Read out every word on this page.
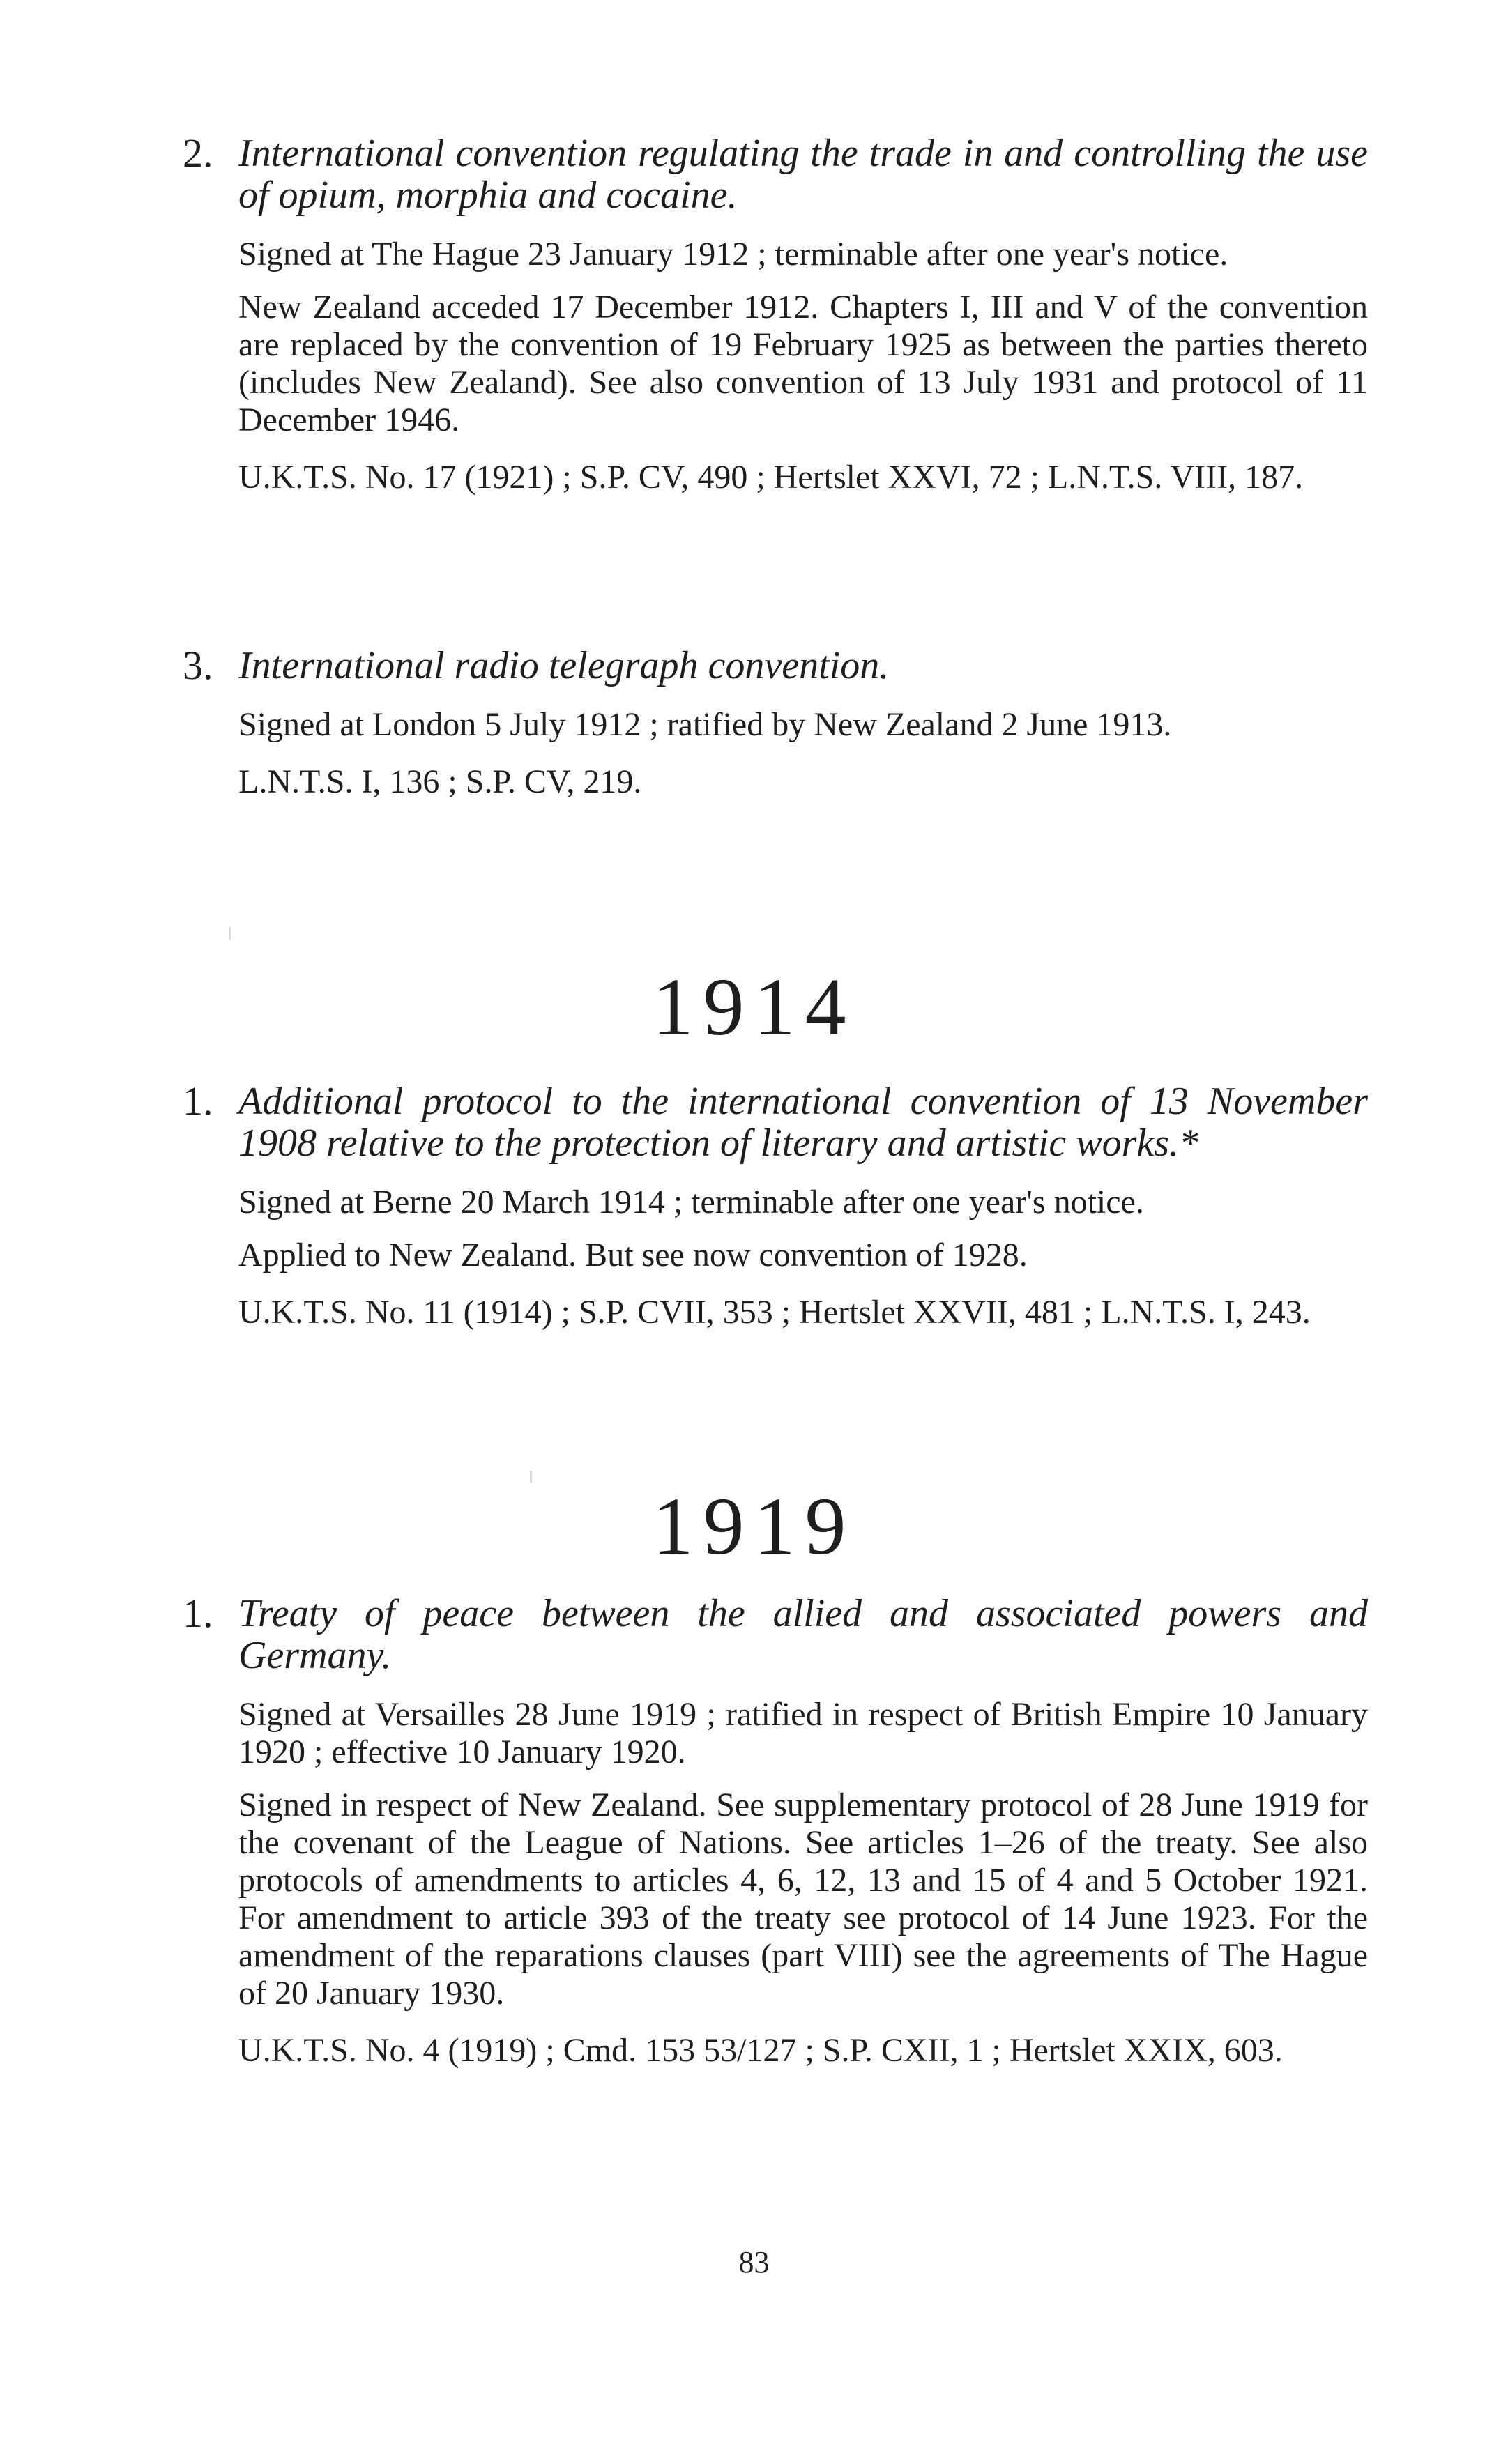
2. International convention regulating the trade in and controlling the use of opium, morphia and cocaine.

Signed at The Hague 23 January 1912 ; terminable after one year's notice.

New Zealand acceded 17 December 1912. Chapters I, III and V of the convention are replaced by the convention of 19 February 1925 as between the parties thereto (includes New Zealand). See also convention of 13 July 1931 and protocol of 11 December 1946.

U.K.T.S. No. 17 (1921) ; S.P. CV, 490 ; Hertslet XXVI, 72 ; L.N.T.S. VIII, 187.

3. International radio telegraph convention.

Signed at London 5 July 1912 ; ratified by New Zealand 2 June 1913.

L.N.T.S. I, 136 ; S.P. CV, 219.

1914

1. Additional protocol to the international convention of 13 November 1908 relative to the protection of literary and artistic works.*

Signed at Berne 20 March 1914 ; terminable after one year's notice.

Applied to New Zealand. But see now convention of 1928.

U.K.T.S. No. 11 (1914) ; S.P. CVII, 353 ; Hertslet XXVII, 481 ; L.N.T.S. I, 243.

1919

1. Treaty of peace between the allied and associated powers and Germany.

Signed at Versailles 28 June 1919 ; ratified in respect of British Empire 10 January 1920 ; effective 10 January 1920.

Signed in respect of New Zealand. See supplementary protocol of 28 June 1919 for the covenant of the League of Nations. See articles 1–26 of the treaty. See also protocols of amendments to articles 4, 6, 12, 13 and 15 of 4 and 5 October 1921. For amendment to article 393 of the treaty see protocol of 14 June 1923. For the amendment of the reparations clauses (part VIII) see the agreements of The Hague of 20 January 1930.

U.K.T.S. No. 4 (1919) ; Cmd. 153 53/127 ; S.P. CXII, 1 ; Hertslet XXIX, 603.

83
